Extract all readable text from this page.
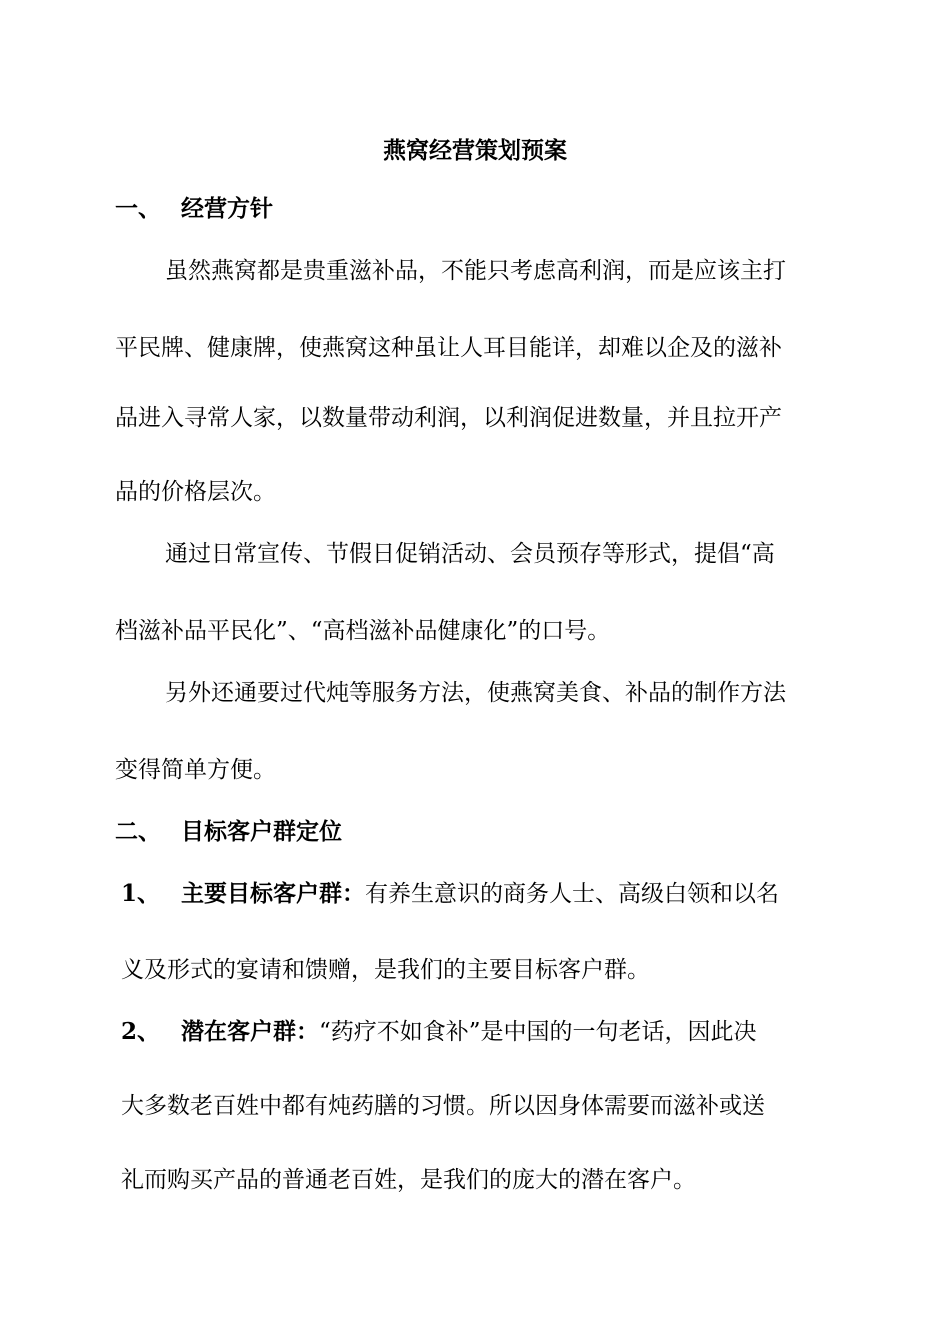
燕窝经营策划预案
一、 经营方针
虽然燕窝都是贵重滋补品，不能只考虑高利润，而是应该主打
平民牌、健康牌，使燕窝这种虽让人耳目能详，却难以企及的滋补
品进入寻常人家，以数量带动利润，以利润促进数量，并且拉开产
品的价格层次。
通过日常宣传、节假日促销活动、会员预存等形式，提倡“高
档滋补品平民化”、“高档滋补品健康化”的口号。
另外还通要过代炖等服务方法，使燕窝美食、补品的制作方法
变得简单方便。
二、 目标客户群定位
1、 主要目标客户群：有养生意识的商务人士、高级白领和以名
义及形式的宴请和馈赠，是我们的主要目标客户群。
2、 潜在客户群：“药疗不如食补”是中国的一句老话，因此决
大多数老百姓中都有炖药膳的习惯。所以因身体需要而滋补或送
礼而购买产品的普通老百姓，是我们的庞大的潜在客户。
